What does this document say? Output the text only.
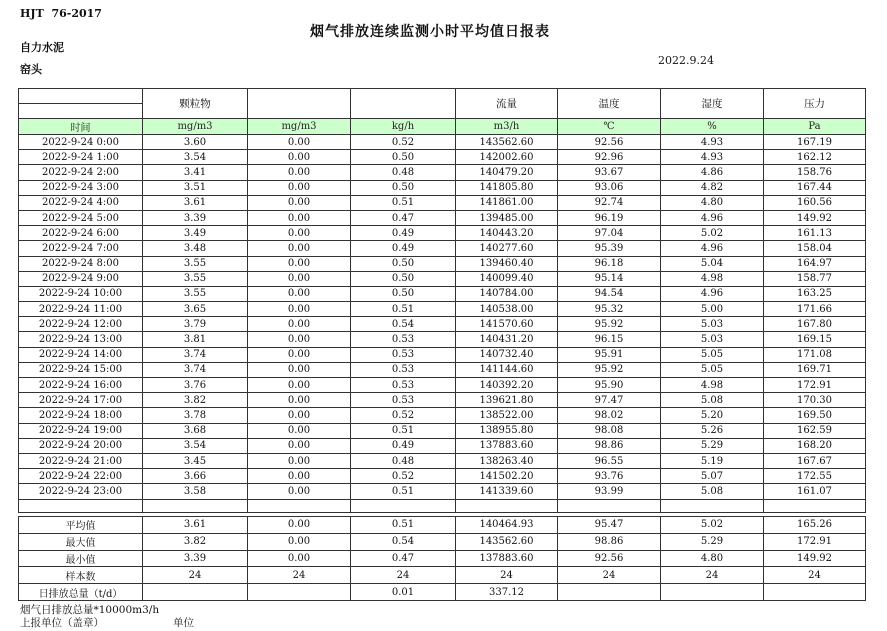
HJT  76-2017
烟气排放连续监测小时平均值日报表
自力水泥
窑头
2022.9.24
	颗粒物			流量	温度	湿度	压力

时间	mg/m3	mg/m3	kg/h	m3/h	℃	%	Pa
2022-9-24 0:00	3.60	0.00	0.52	143562.60	92.56	4.93	167.19
2022-9-24 1:00	3.54	0.00	0.50	142002.60	92.96	4.93	162.12
2022-9-24 2:00	3.41	0.00	0.48	140479.20	93.67	4.86	158.76
2022-9-24 3:00	3.51	0.00	0.50	141805.80	93.06	4.82	167.44
2022-9-24 4:00	3.61	0.00	0.51	141861.00	92.74	4.80	160.56
2022-9-24 5:00	3.39	0.00	0.47	139485.00	96.19	4.96	149.92
2022-9-24 6:00	3.49	0.00	0.49	140443.20	97.04	5.02	161.13
2022-9-24 7:00	3.48	0.00	0.49	140277.60	95.39	4.96	158.04
2022-9-24 8:00	3.55	0.00	0.50	139460.40	96.18	5.04	164.97
2022-9-24 9:00	3.55	0.00	0.50	140099.40	95.14	4.98	158.77
2022-9-24 10:00	3.55	0.00	0.50	140784.00	94.54	4.96	163.25
2022-9-24 11:00	3.65	0.00	0.51	140538.00	95.32	5.00	171.66
2022-9-24 12:00	3.79	0.00	0.54	141570.60	95.92	5.03	167.80
2022-9-24 13:00	3.81	0.00	0.53	140431.20	96.15	5.03	169.15
2022-9-24 14:00	3.74	0.00	0.53	140732.40	95.91	5.05	171.08
2022-9-24 15:00	3.74	0.00	0.53	141144.60	95.92	5.05	169.71
2022-9-24 16:00	3.76	0.00	0.53	140392.20	95.90	4.98	172.91
2022-9-24 17:00	3.82	0.00	0.53	139621.80	97.47	5.08	170.30
2022-9-24 18:00	3.78	0.00	0.52	138522.00	98.02	5.20	169.50
2022-9-24 19:00	3.68	0.00	0.51	138955.80	98.08	5.26	162.59
2022-9-24 20:00	3.54	0.00	0.49	137883.60	98.86	5.29	168.20
2022-9-24 21:00	3.45	0.00	0.48	138263.40	96.55	5.19	167.67
2022-9-24 22:00	3.66	0.00	0.52	141502.20	93.76	5.07	172.55
2022-9-24 23:00	3.58	0.00	0.51	141339.60	93.99	5.08	161.07

平均值	3.61	0.00	0.51	140464.93	95.47	5.02	165.26
最大值	3.82	0.00	0.54	143562.60	98.86	5.29	172.91
最小值	3.39	0.00	0.47	137883.60	92.56	4.80	149.92
样本数	24	24	24	24	24	24	24
日排放总量（t/d）			0.01	337.12			
烟气日排放总量*10000m3/h
上报单位（盖章）	单位
